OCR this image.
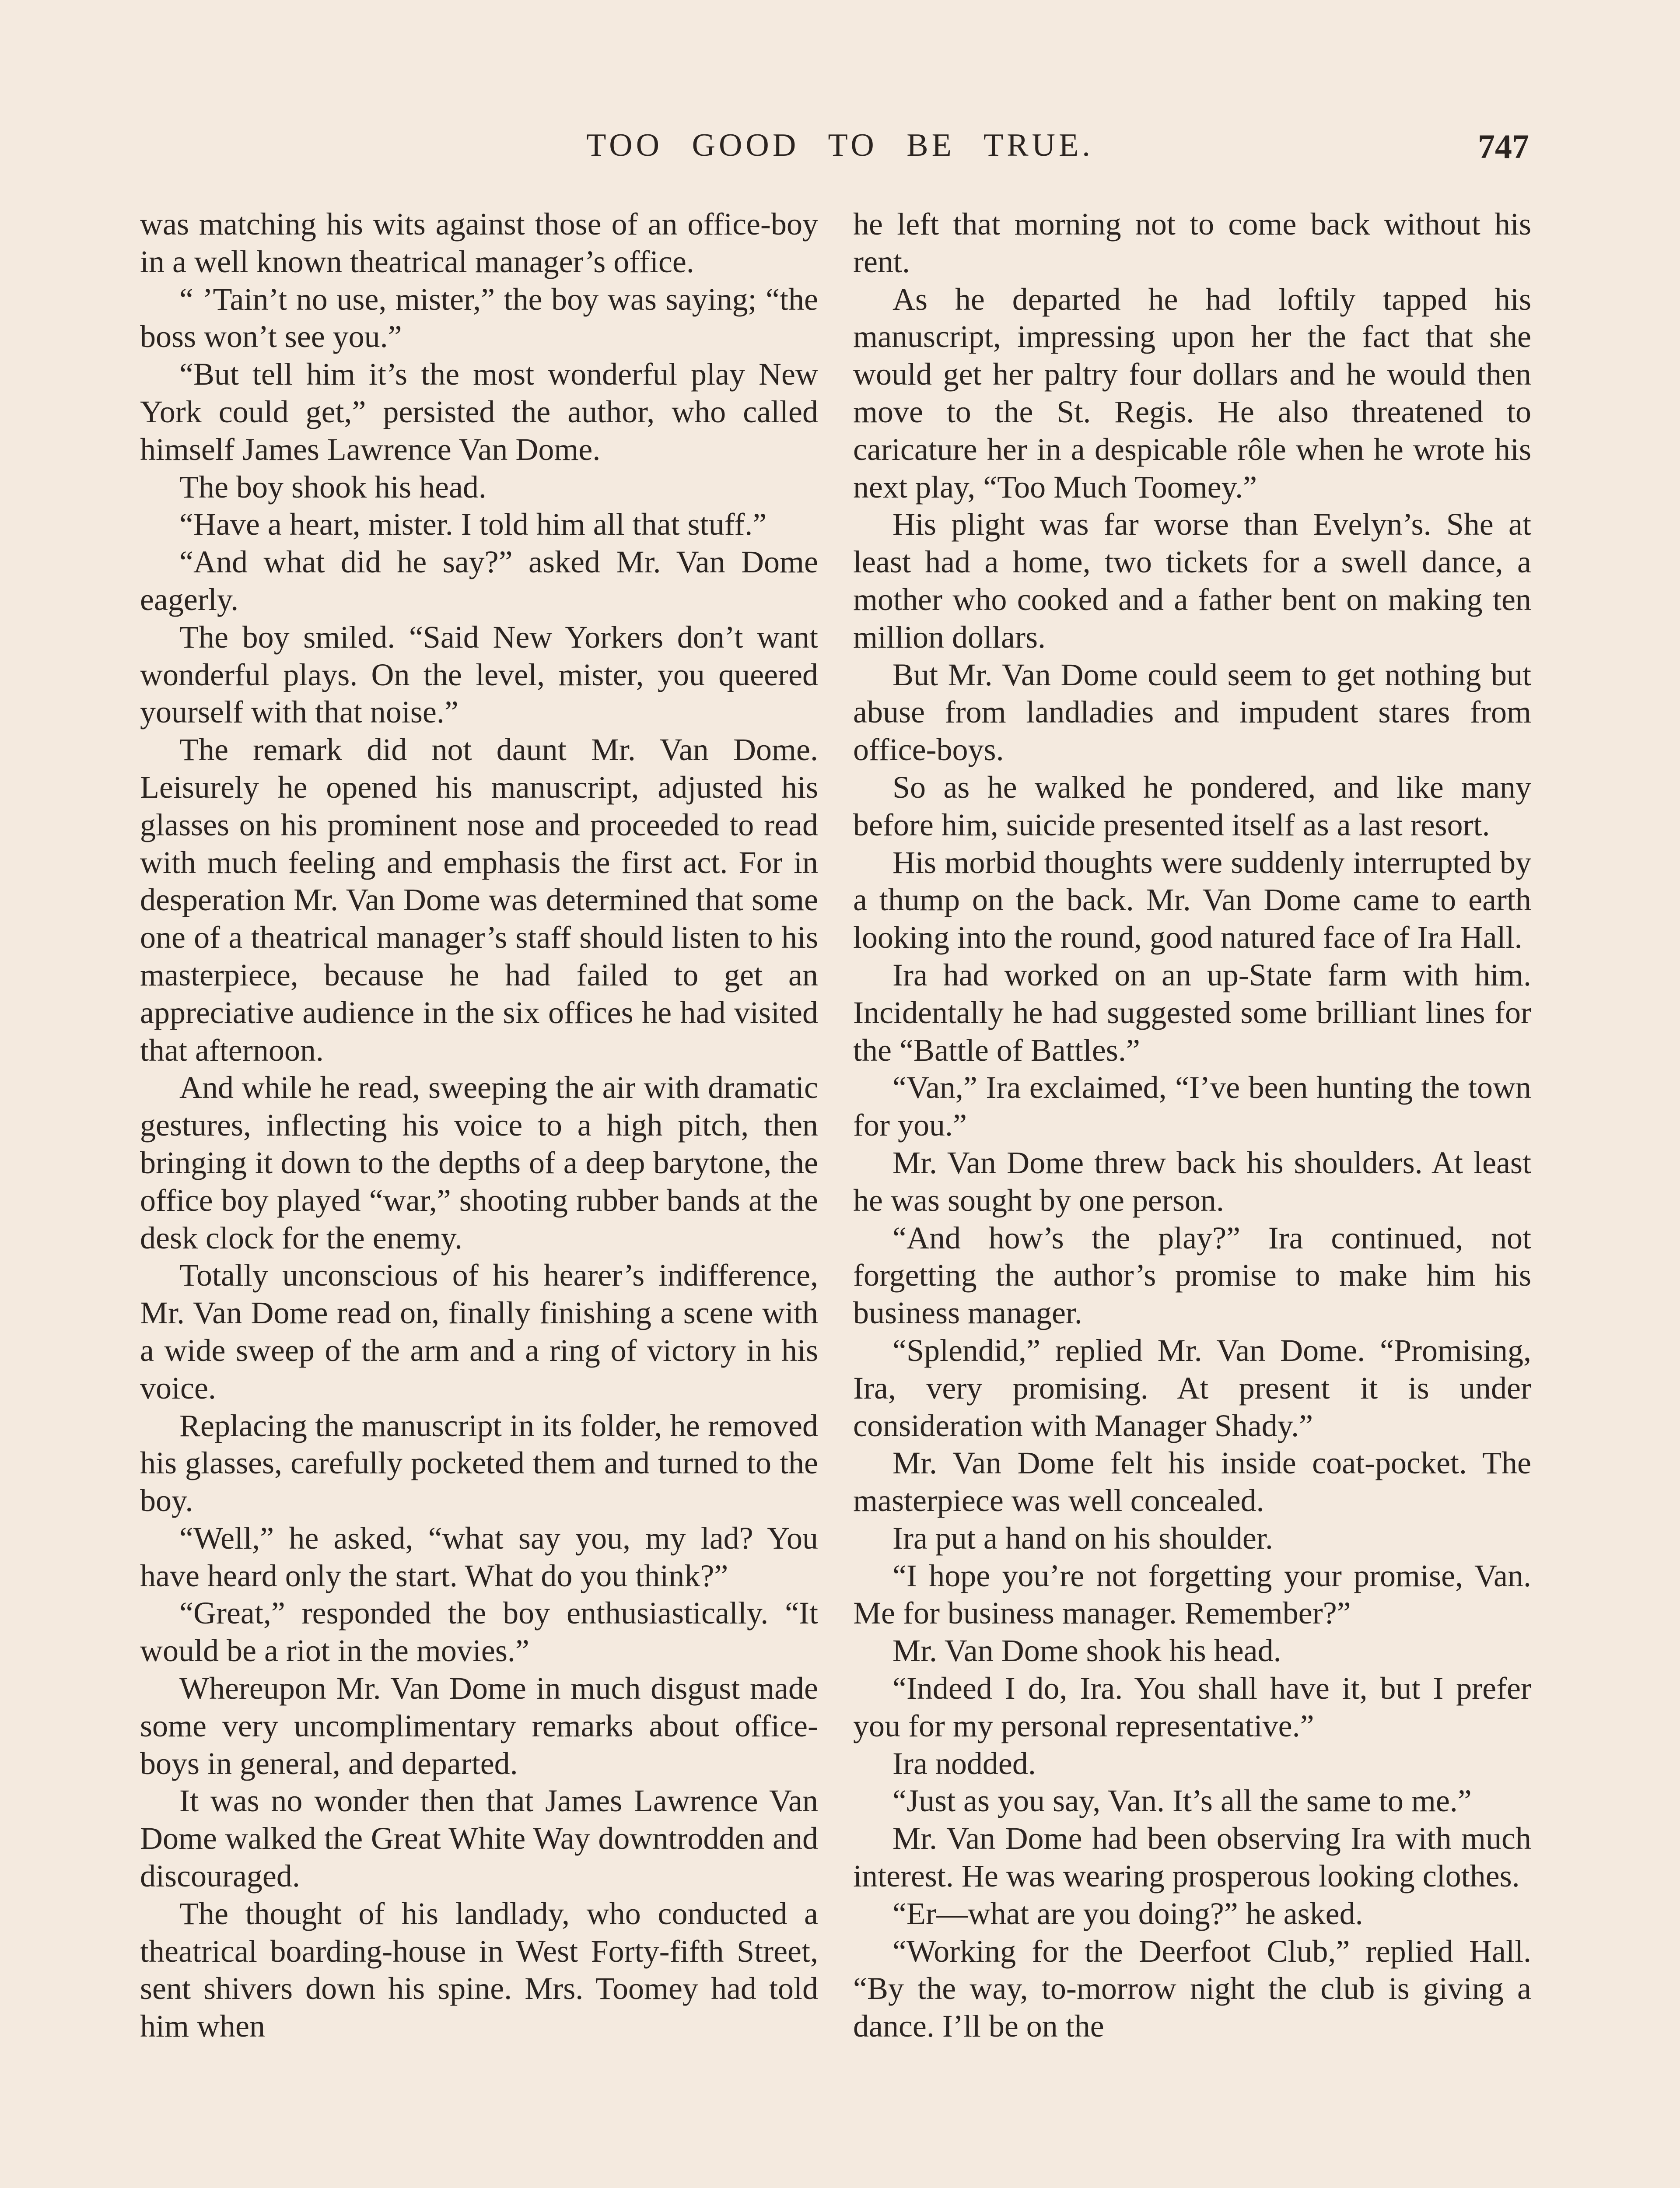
TOO GOOD TO BE TRUE.	747

was matching his wits against those of an office-boy in a well known theatrical manager’s office.

“ ’Tain’t no use, mister,” the boy was saying; “the boss won’t see you.”

“But tell him it’s the most wonderful play New York could get,” persisted the author, who called himself James Lawrence Van Dome.

The boy shook his head.

“Have a heart, mister. I told him all that stuff.”

“And what did he say?” asked Mr. Van Dome eagerly.

The boy smiled. “Said New Yorkers don’t want wonderful plays. On the level, mister, you queered yourself with that noise.”

The remark did not daunt Mr. Van Dome. Leisurely he opened his manuscript, adjusted his glasses on his prominent nose and proceeded to read with much feeling and emphasis the first act. For in desperation Mr. Van Dome was determined that some one of a theatrical manager’s staff should listen to his masterpiece, because he had failed to get an appreciative audience in the six offices he had visited that afternoon.

And while he read, sweeping the air with dramatic gestures, inflecting his voice to a high pitch, then bringing it down to the depths of a deep barytone, the office boy played “war,” shooting rubber bands at the desk clock for the enemy.

Totally unconscious of his hearer’s indifference, Mr. Van Dome read on, finally finishing a scene with a wide sweep of the arm and a ring of victory in his voice.

Replacing the manuscript in its folder, he removed his glasses, carefully pocketed them and turned to the boy.

“Well,” he asked, “what say you, my lad? You have heard only the start. What do you think?”

“Great,” responded the boy enthusiastically. “It would be a riot in the movies.”

Whereupon Mr. Van Dome in much disgust made some very uncomplimentary remarks about office-boys in general, and departed.

It was no wonder then that James Lawrence Van Dome walked the Great White Way downtrodden and discouraged.

The thought of his landlady, who conducted a theatrical boarding-house in West Forty-fifth Street, sent shivers down his spine. Mrs. Toomey had told him when

he left that morning not to come back without his rent.

As he departed he had loftily tapped his manuscript, impressing upon her the fact that she would get her paltry four dollars and he would then move to the St. Regis. He also threatened to caricature her in a despicable rôle when he wrote his next play, “Too Much Toomey.”

His plight was far worse than Evelyn’s. She at least had a home, two tickets for a swell dance, a mother who cooked and a father bent on making ten million dollars.

But Mr. Van Dome could seem to get nothing but abuse from landladies and impudent stares from office-boys.

So as he walked he pondered, and like many before him, suicide presented itself as a last resort.

His morbid thoughts were suddenly interrupted by a thump on the back. Mr. Van Dome came to earth looking into the round, good natured face of Ira Hall.

Ira had worked on an up-State farm with him. Incidentally he had suggested some brilliant lines for the “Battle of Battles.”

“Van,” Ira exclaimed, “I’ve been hunting the town for you.”

Mr. Van Dome threw back his shoulders. At least he was sought by one person.

“And how’s the play?” Ira continued, not forgetting the author’s promise to make him his business manager.

“Splendid,” replied Mr. Van Dome. “Promising, Ira, very promising. At present it is under consideration with Manager Shady.”

Mr. Van Dome felt his inside coat-pocket. The masterpiece was well concealed.

Ira put a hand on his shoulder.

“I hope you’re not forgetting your promise, Van. Me for business manager. Remember?”

Mr. Van Dome shook his head.

“Indeed I do, Ira. You shall have it, but I prefer you for my personal representative.”

Ira nodded.

“Just as you say, Van. It’s all the same to me.”

Mr. Van Dome had been observing Ira with much interest. He was wearing prosperous looking clothes.

“Er—what are you doing?” he asked.

“Working for the Deerfoot Club,” replied Hall. “By the way, to-morrow night the club is giving a dance. I’ll be on the
